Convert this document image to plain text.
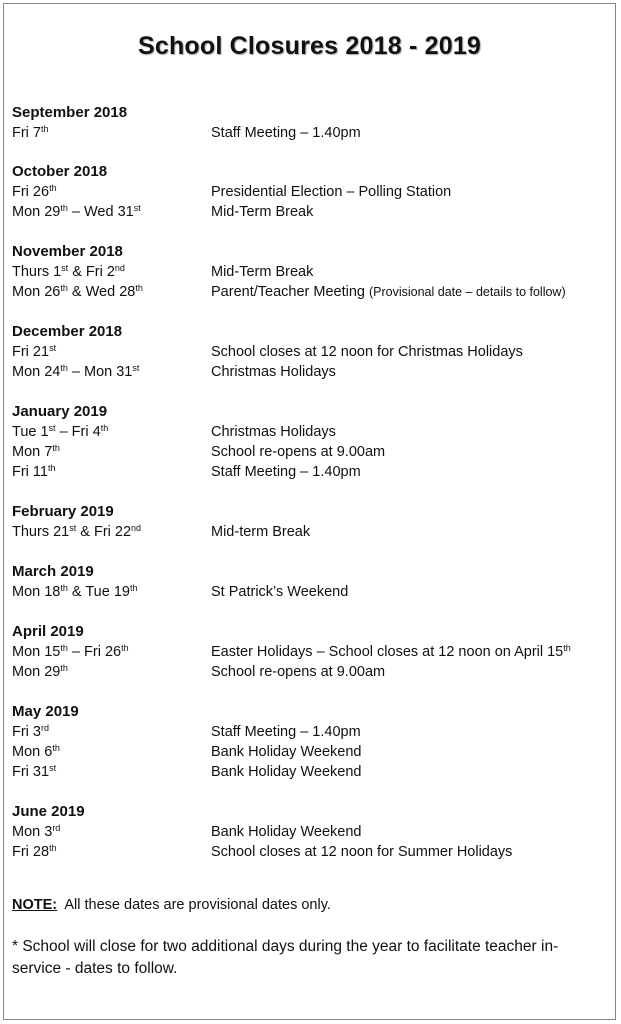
School Closures 2018 - 2019
September 2018
Fri 7th	Staff Meeting – 1.40pm
October 2018
Fri 26th	Presidential Election – Polling Station
Mon 29th – Wed 31st	Mid-Term Break
November 2018
Thurs 1st & Fri 2nd	Mid-Term Break
Mon 26th & Wed 28th	Parent/Teacher Meeting (Provisional date – details to follow)
December 2018
Fri 21st	School closes at 12 noon for Christmas Holidays
Mon 24th – Mon 31st	Christmas Holidays
January 2019
Tue 1st – Fri 4th	Christmas Holidays
Mon 7th	School re-opens at 9.00am
Fri 11th	Staff Meeting – 1.40pm
February 2019
Thurs 21st & Fri 22nd	Mid-term Break
March 2019
Mon 18th & Tue 19th	St Patrick’s Weekend
April 2019
Mon 15th – Fri 26th	Easter Holidays – School closes at 12 noon on April 15th
Mon 29th	School re-opens at 9.00am
May 2019
Fri 3rd	Staff Meeting – 1.40pm
Mon 6th	Bank Holiday Weekend
Fri 31st	Bank Holiday Weekend
June 2019
Mon 3rd	Bank Holiday Weekend
Fri 28th	School closes at 12 noon for Summer Holidays
NOTE: All these dates are provisional dates only.
* School will close for two additional days during the year to facilitate teacher in-service - dates to follow.
